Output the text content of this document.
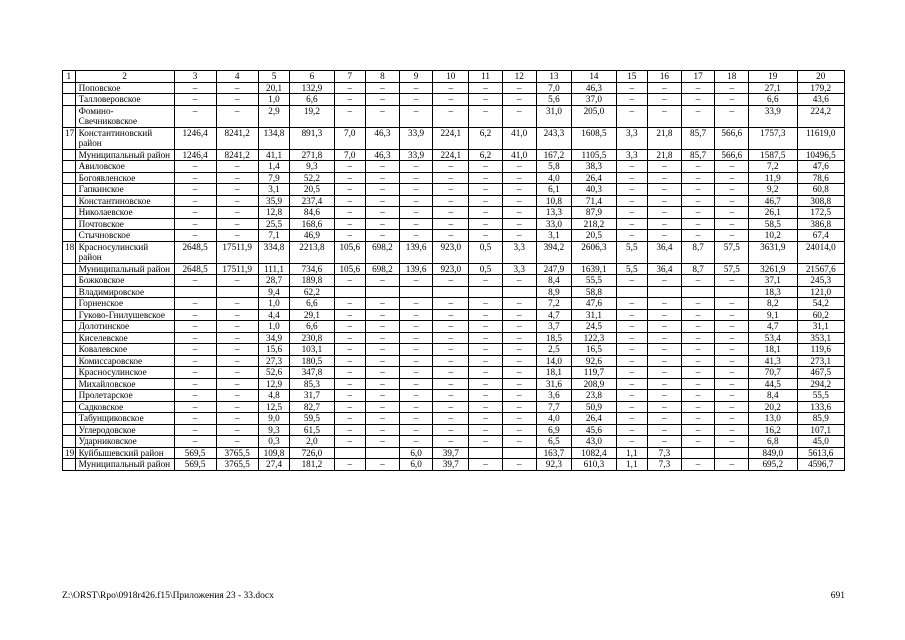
1	2	3	4	5	6	7	8	9	10	11	12	13	14	15	16	17	18	19	20
	Поповское	–	–	20,1	132,9	–	–	–	–	–	–	7,0	46,3	–	–	–	–	27,1	179,2
	Талловеровское	–	–	1,0	6,6	–	–	–	–	–	–	5,6	37,0	–	–	–	–	6,6	43,6
	Фомино-Свечниковское	–	–	2,9	19,2	–	–	–	–	–	–	31,0	205,0	–	–	–	–	33,9	224,2
17.	Константиновский район	1246,4	8241,2	134,8	891,3	7,0	46,3	33,9	224,1	6,2	41,0	243,3	1608,5	3,3	21,8	85,7	566,6	1757,3	11619,0
	Муниципальный район	1246,4	8241,2	41,1	271,8	7,0	46,3	33,9	224,1	6,2	41,0	167,2	1105,5	3,3	21,8	85,7	566,6	1587,5	10496,5
	Авиловское	–	–	1,4	9,3	–	–	–	–	–	–	5,8	38,3	–	–	–	–	7,2	47,6
	Богоявленское	–	–	7,9	52,2	–	–	–	–	–	–	4,0	26,4	–	–	–	–	11,9	78,6
	Гапкинское	–	–	3,1	20,5	–	–	–	–	–	–	6,1	40,3	–	–	–	–	9,2	60,8
	Константиновское	–	–	35,9	237,4	–	–	–	–	–	–	10,8	71,4	–	–	–	–	46,7	308,8
	Николаевское	–	–	12,8	84,6	–	–	–	–	–	–	13,3	87,9	–	–	–	–	26,1	172,5
	Почтовское	–	–	25,5	168,6	–	–	–	–	–	–	33,0	218,2	–	–	–	–	58,5	386,8
	Стычновское	–	–	7,1	46,9	–	–	–	–	–	–	3,1	20,5	–	–	–	–	10,2	67,4
18.	Красносулинский район	2648,5	17511,9	334,8	2213,8	105,6	698,2	139,6	923,0	0,5	3,3	394,2	2606,3	5,5	36,4	8,7	57,5	3631,9	24014,0
	Муниципальный район	2648,5	17511,9	111,1	734,6	105,6	698,2	139,6	923,0	0,5	3,3	247,9	1639,1	5,5	36,4	8,7	57,5	3261,9	21567,6
	Божковское	–	–	28,7	189,8	–	–	–	–	–	–	8,4	55,5	–	–	–	–	37,1	245,3
	Владимировское			9,4	62,2							8,9	58,8					18,3	121,0
	Горненское	–	–	1,0	6,6	–	–	–	–	–	–	7,2	47,6	–	–	–	–	8,2	54,2
	Гуково-Гнилушевское	–	–	4,4	29,1	–	–	–	–	–	–	4,7	31,1	–	–	–	–	9,1	60,2
	Долотинское	–	–	1,0	6,6	–	–	–	–	–	–	3,7	24,5	–	–	–	–	4,7	31,1
	Киселевское	–	–	34,9	230,8	–	–	–	–	–	–	18,5	122,3	–	–	–	–	53,4	353,1
	Ковалевское	–	–	15,6	103,1	–	–	–	–	–	–	2,5	16,5	–	–	–	–	18,1	119,6
	Комиссаровское	–	–	27,3	180,5	–	–	–	–	–	–	14,0	92,6	–	–	–	–	41,3	273,1
	Красносулинское	–	–	52,6	347,8	–	–	–	–	–	–	18,1	119,7	–	–	–	–	70,7	467,5
	Михайловское	–	–	12,9	85,3	–	–	–	–	–	–	31,6	208,9	–	–	–	–	44,5	294,2
	Пролетарское	–	–	4,8	31,7	–	–	–	–	–	–	3,6	23,8	–	–	–	–	8,4	55,5
	Садковское	–	–	12,5	82,7	–	–	–	–	–	–	7,7	50,9	–	–	–	–	20,2	133,6
	Табунщиковское	–	–	9,0	59,5	–	–	–	–	–	–	4,0	26,4	–	–	–	–	13,0	85,9
	Углеродовское	–	–	9,3	61,5	–	–	–	–	–	–	6,9	45,6	–	–	–	–	16,2	107,1
	Ударниковское	–	–	0,3	2,0	–	–	–	–	–	–	6,5	43,0	–	–	–	–	6,8	45,0
19.	Куйбышевский район	569,5	3765,5	109,8	726,0			6,0	39,7			163,7	1082,4	1,1	7,3			849,0	5613,6
	Муниципальный район	569,5	3765,5	27,4	181,2	–	–	6,0	39,7	–	–	92,3	610,3	1,1	7,3	–	–	695,2	4596,7
Z:\ORST\Rpo\0918r426.f15\Приложения 23 - 33.docx	691
